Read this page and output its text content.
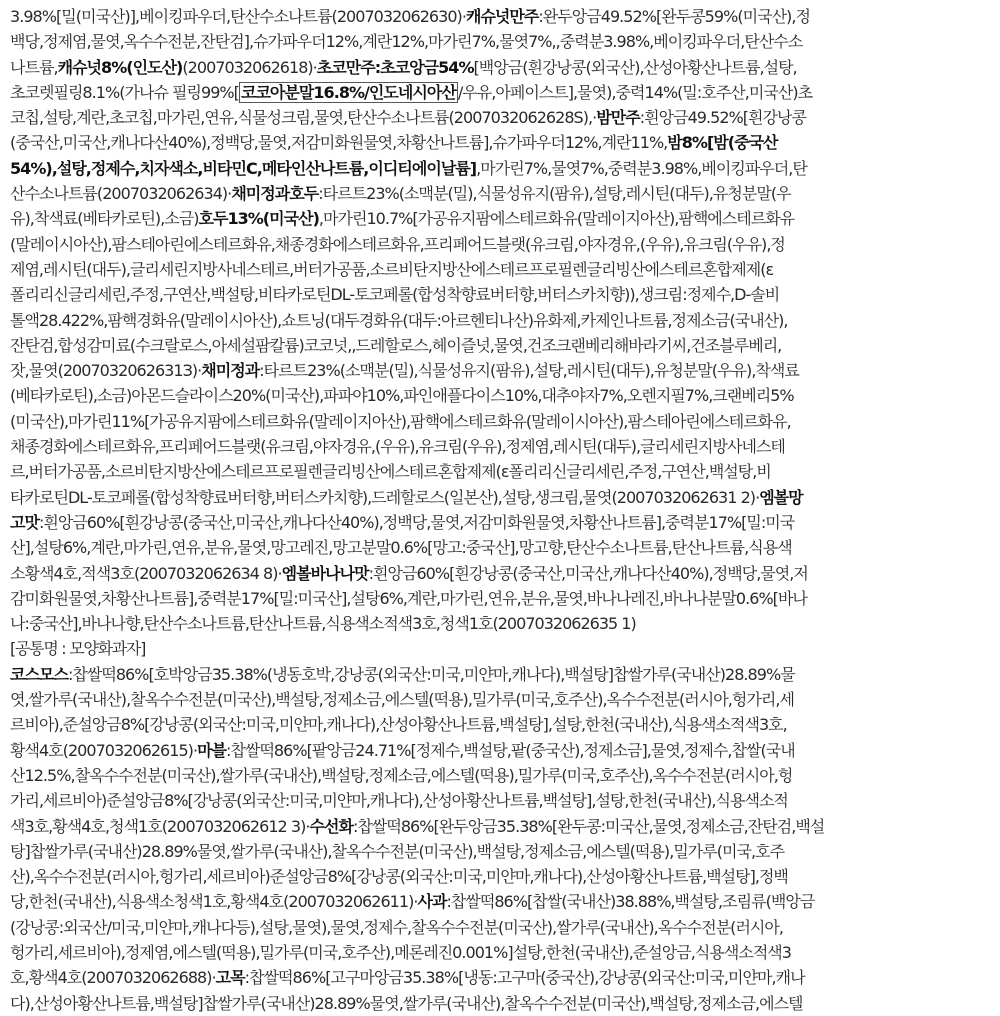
3.98%[밀(미국산)],베이킹파우더,탄산수소나트륨(2007032062630)·캐슈넛만주:완두앙금49.52%[완두콩59%(미국산),정
백당,정제염,물엿,옥수수전분,잔탄검],슈가파우더12%,계란12%,마가린7%,물엿7%,,중력분3.98%,베이킹파우더,탄산수소
나트륨,캐슈넛8%(인도산)(2007032062618)·초코만주:초코앙금54%[백앙금(흰강낭콩(외국산),산성아황산나트륨,설탕,
초코렛필링8.1%(가나슈 필링99%[ 코코아분말16.8%/인도네시아산 /우유,아페이스트],물엿),중력14%(밀:호주산,미국산)초
코칩,설탕,계란,초코칩,마가린,연유,식물성크림,물엿,탄산수소나트륨(2007032062628S),·밤만주:흰앙금49.52%[흰강낭콩
(중국산,미국산,캐나다산40%),정백당,물엿,저감미화원물엿,차황산나트륨],슈가파우더12%,계란11%,밤8%[밤(중국산
54%),설탕,정제수,치자색소,비타민C,메타인산나트륨,이디티에이날륨],마가린7%,물엿7%,중력분3.98%,베이킹파우더,탄
산수소나트륨(2007032062634)·채미정과호두:타르트23%(소맥분(밀),식물성유지(팜유),설탕,레시틴(대두),유청분말(우
유),착색료(베타카로틴),소금)호두13%(미국산),마가린10.7%[가공유지팜에스테르화유(말레이지아산),팜핵에스테르화유
(말레이시아산),팜스테아린에스테르화유,채종경화에스테르화유,프리페어드블랫(유크림,야자경유,(우유),유크림(우유),정
제염,레시틴(대두),글리세린지방사네스테르,버터가공품,소르비탄지방산에스테르프로필렌글리빙산에스테르혼합제제(ε
폴리리신글리세린,주정,구연산,백설탕,비타카로틴DL-토코페롤(합성착향료버터향,버터스카치향)),생크림:정제수,D-솔비
톨액28.422%,팜핵경화유(말레이시아산),쇼트닝(대두경화유(대두:아르헨티나산)유화제,카제인나트륨,정제소금(국내산),
잔탄검,합성감미료(수크랄로스,아세설팜칼륨)코코넛,,드레할로스,헤이즐넛,물엿,건조크랜베리해바라기씨,건조블루베리,
잣,물엿(2007032062631З)·채미정과:타르트23%(소맥분(밀),식물성유지(팜유),설탕,레시틴(대두),유청분말(우유),착색료
(베타카로틴),소금)아몬드슬라이스20%(미국산),파파야10%,파인애플다이스10%,대추야자7%,오렌지필7%,크랜베리5%
(미국산),마가린11%[가공유지팜에스테르화유(말레이지아산),팜핵에스테르화유(말레이시아산),팜스테아린에스테르화유,
채종경화에스테르화유,프리페어드블랫(유크림,야자경유,(우유),유크림(우유),정제염,레시틴(대두),글리세린지방사네스테
르,버터가공품,소르비탄지방산에스테르프로필렌글리빙산에스테르혼합제제(ε폴리리신글리세린,주정,구연산,백설탕,비
타카로틴DL-토코페롤(합성착향료버터향,버터스카치향),드레할로스(일본산),설탕,생크림,물엿(2007032062631 2)·엠볼망
고맛:흰앙금60%[흰강낭콩(중국산,미국산,캐나다산40%),정백당,물엿,저감미화원물엿,차황산나트륨],중력분17%[밀:미국
산],설탕6%,계란,마가린,연유,분유,물엿,망고레진,망고분말0.6%[망고:중국산],망고향,탄산수소나트륨,탄산나트륨,식용색
소황색4호,적색3호(2007032062634 8)·엠볼바나나맛:흰앙금60%[흰강낭콩(중국산,미국산,캐나다산40%),정백당,물엿,저
감미화원물엿,차황산나트륨],중력분17%[밀:미국산],설탕6%,계란,마가린,연유,분유,물엿,바나나레진,바나나분말0.6%[바나
나:중국산],바나나향,탄산수소나트륨,탄산나트륨,식용색소적색3호,청색1호(2007032062635 1)
[공통명 : 모양화과자]
코스모스:찹쌀떡86%[호박앙금35.38%(냉동호박,강낭콩(외국산:미국,미얀마,캐나다),백설탕]찹쌀가루(국내산)28.89%물
엿,쌀가루(국내산),찰옥수수전분(미국산),백설탕,정제소금,에스텔(떡용),밀가루(미국,호주산),옥수수전분(러시아,헝가리,세
르비아),준설앙금8%[강낭콩(외국산:미국,미얀마,캐나다),산성아황산나트륨,백설탕],설탕,한천(국내산),식용색소적색3호,
황색4호(2007032062615)·마블:찹쌀떡86%[팥앙금24.71%[정제수,백설탕,팥(중국산),정제소금],물엿,정제수,찹쌀(국내
산12.5%,찰옥수수전분(미국산),쌀가루(국내산),백설탕,정제소금,에스텔(떡용),밀가루(미국,호주산),옥수수전분(러시아,헝
가리,세르비아)준설앙금8%[강낭콩(외국산:미국,미얀마,캐나다),산성아황산나트륨,백설탕],설탕,한천(국내산),식용색소적
색3호,황색4호,청색1호(2007032062612 3)·수선화:찹쌀떡86%[완두앙금35.38%[완두콩:미국산,물엿,정제소금,잔탄검,백설
탕]찹쌀가루(국내산)28.89%물엿,쌀가루(국내산),찰옥수수전분(미국산),백설탕,정제소금,에스텔(떡용),밀가루(미국,호주
산),옥수수전분(러시아,헝가리,세르비아)준설앙금8%[강낭콩(외국산:미국,미얀마,캐나다),산성아황산나트륨,백설탕],정백
당,한천(국내산),식용색소청색1호,황색4호(2007032062611)·사과:찹쌀떡86%[찹쌀(국내산)38.88%,백설탕,조림류(백앙금
(강낭콩:외국산/미국,미얀마,캐나다등),설탕,물엿),물엿,정제수,찰옥수수전분(미국산),쌀가루(국내산),옥수수전분(러시아,
헝가리,세르비아),정제염,에스텔(떡용),밀가루(미국,호주산),메론레진0.001%]설탕,한천(국내산),준설앙금,식용색소적색3
호,황색4호(2007032062688)·고목:찹쌀떡86%[고구마앙금35.38%[냉동:고구마(중국산),강낭콩(외국산:미국,미얀마,캐나
다),산성아황산나트륨,백설탕]찹쌀가루(국내산)28.89%물엿,쌀가루(국내산),찰옥수수전분(미국산),백설탕,정제소금,에스텔
